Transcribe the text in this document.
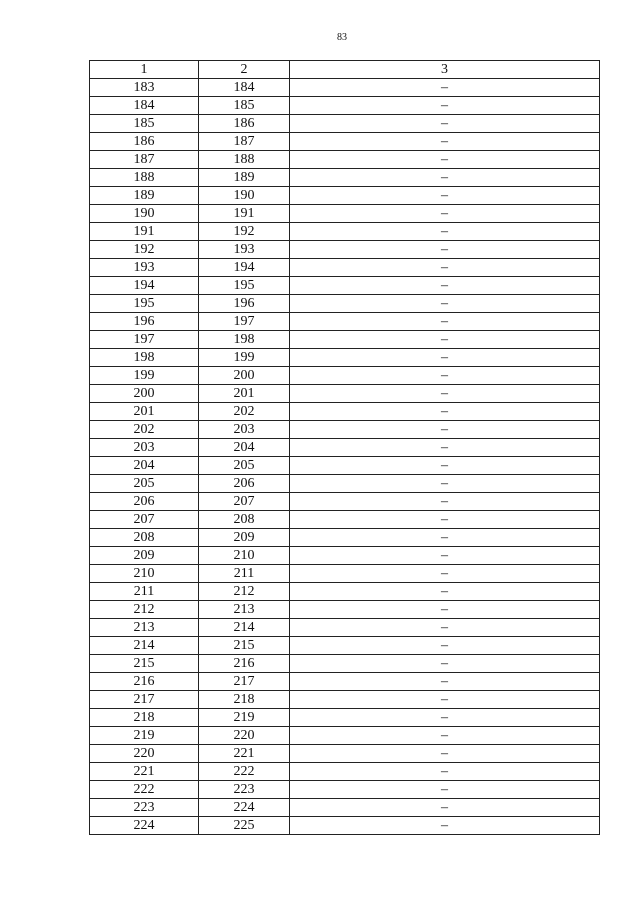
83
1	2	3
183	184	–
184	185	–
185	186	–
186	187	–
187	188	–
188	189	–
189	190	–
190	191	–
191	192	–
192	193	–
193	194	–
194	195	–
195	196	–
196	197	–
197	198	–
198	199	–
199	200	–
200	201	–
201	202	–
202	203	–
203	204	–
204	205	–
205	206	–
206	207	–
207	208	–
208	209	–
209	210	–
210	211	–
211	212	–
212	213	–
213	214	–
214	215	–
215	216	–
216	217	–
217	218	–
218	219	–
219	220	–
220	221	–
221	222	–
222	223	–
223	224	–
224	225	–
